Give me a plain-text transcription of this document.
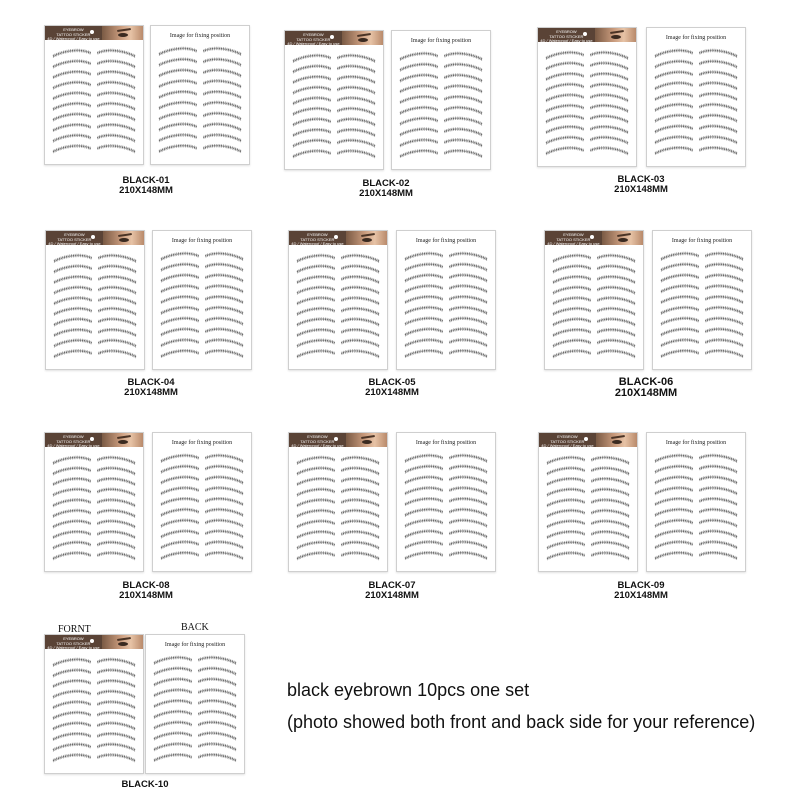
EYEBROW
TATTOO STICKER
4D / Waterproof / Easy to use	Image for fixing position
BLACK-01
210X148MM
EYEBROW
TATTOO STICKER
4D / Waterproof / Easy to use	Image for fixing position
BLACK-02
210X148MM
EYEBROW
TATTOO STICKER
4D / Waterproof / Easy to use	Image for fixing position
BLACK-03
210X148MM
EYEBROW
TATTOO STICKER
4D / Waterproof / Easy to use	Image for fixing position
BLACK-04
210X148MM
EYEBROW
TATTOO STICKER
4D / Waterproof / Easy to use	Image for fixing position
BLACK-05
210X148MM
EYEBROW
TATTOO STICKER
4D / Waterproof / Easy to use	Image for fixing position
BLACK-06
210X148MM
EYEBROW
TATTOO STICKER
4D / Waterproof / Easy to use	Image for fixing position
BLACK-08
210X148MM
EYEBROW
TATTOO STICKER
4D / Waterproof / Easy to use	Image for fixing position
BLACK-07
210X148MM
EYEBROW
TATTOO STICKER
4D / Waterproof / Easy to use	Image for fixing position
BLACK-09
210X148MM
EYEBROW
TATTOO STICKER
4D / Waterproof / Easy to use	Image for fixing position
BLACK-10
FORNT	BACK
black eyebrown 10pcs one set
(photo showed both front and back side for your reference)
